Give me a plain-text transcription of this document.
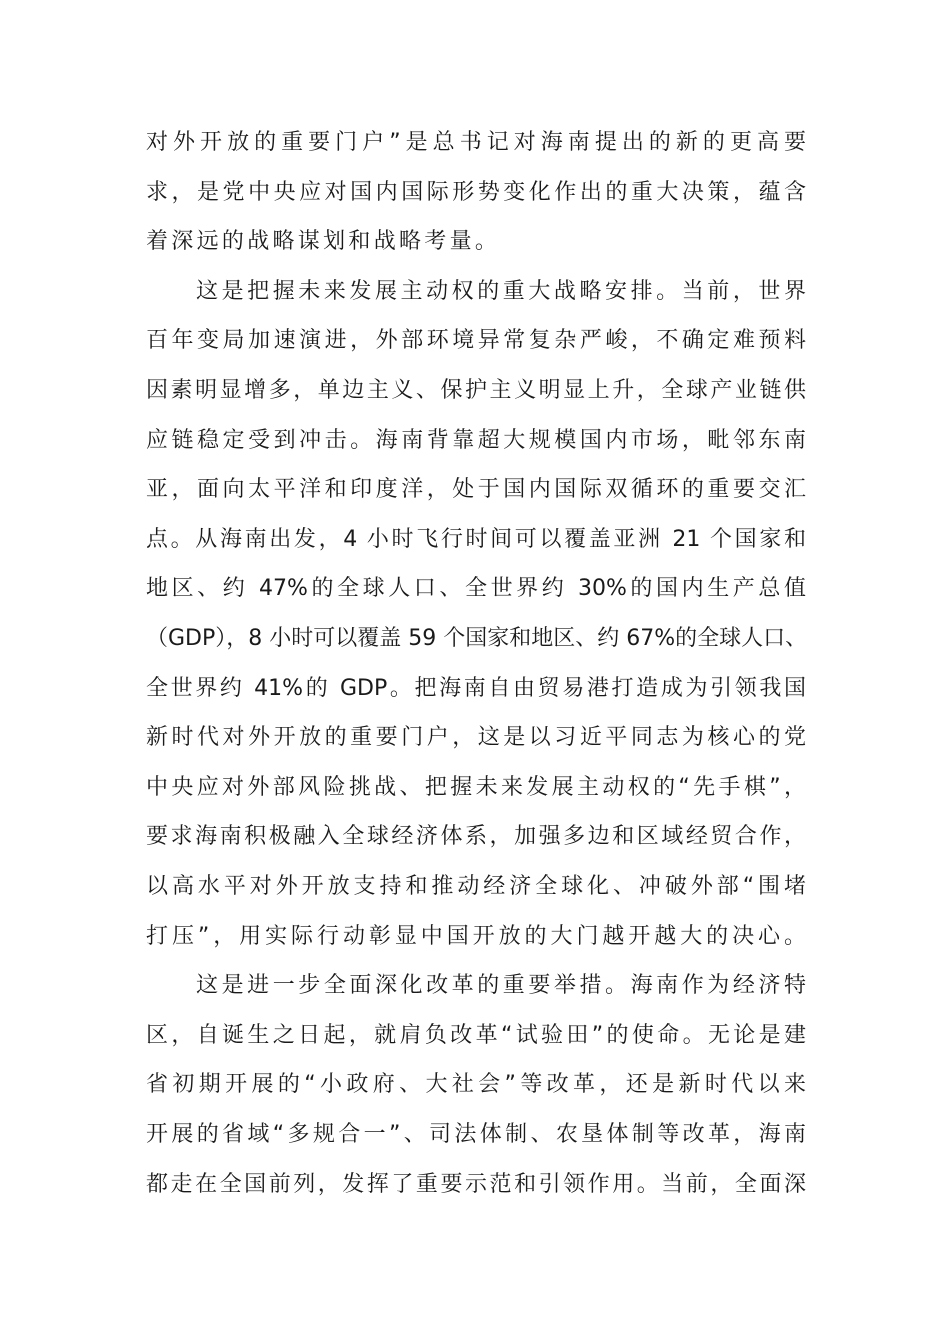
对外开放的重要门户”是总书记对海南提出的新的更高要
求，是党中央应对国内国际形势变化作出的重大决策，蕴含
着深远的战略谋划和战略考量。
这是把握未来发展主动权的重大战略安排。当前，世界
百年变局加速演进，外部环境异常复杂严峻，不确定难预料
因素明显增多，单边主义、保护主义明显上升，全球产业链供
应链稳定受到冲击。海南背靠超大规模国内市场，毗邻东南
亚，面向太平洋和印度洋，处于国内国际双循环的重要交汇
点。从海南出发，4 小时飞行时间可以覆盖亚洲 21 个国家和
地区、约 47%的全球人口、全世界约 30%的国内生产总值
（GDP），8 小时可以覆盖 59 个国家和地区、约 67%的全球人口、
全世界约 41%的 GDP。把海南自由贸易港打造成为引领我国
新时代对外开放的重要门户，这是以习近平同志为核心的党
中央应对外部风险挑战、把握未来发展主动权的“先手棋”，
要求海南积极融入全球经济体系，加强多边和区域经贸合作，
以高水平对外开放支持和推动经济全球化、冲破外部“围堵
打压”，用实际行动彰显中国开放的大门越开越大的决心。
这是进一步全面深化改革的重要举措。海南作为经济特
区，自诞生之日起，就肩负改革“试验田”的使命。无论是建
省初期开展的“小政府、大社会”等改革，还是新时代以来
开展的省域“多规合一”、司法体制、农垦体制等改革，海南
都走在全国前列，发挥了重要示范和引领作用。当前，全面深
